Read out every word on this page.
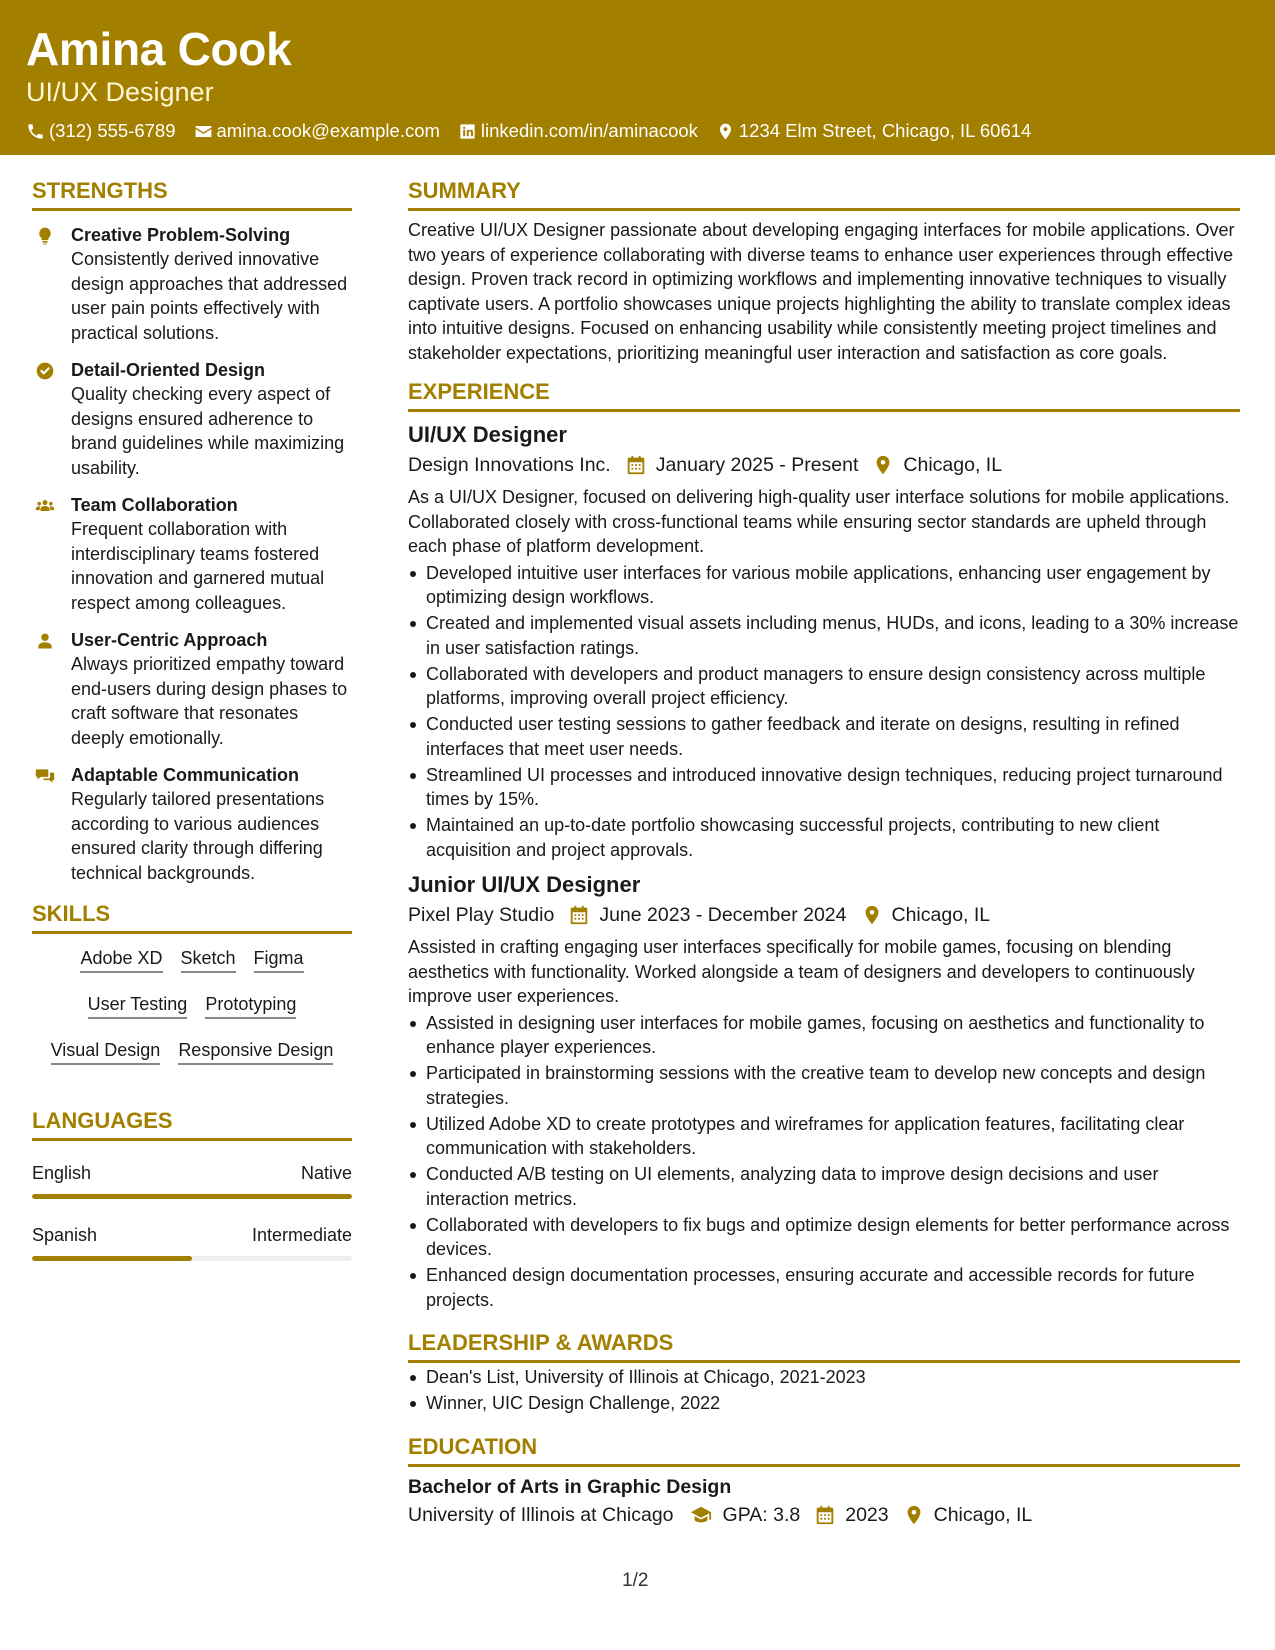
Amina Cook
UI/UX Designer
(312) 555-6789 amina.cook@example.com linkedin.com/in/aminacook 1234 Elm Street, Chicago, IL 60614
STRENGTHS
Creative Problem-Solving
Consistently derived innovative design approaches that addressed user pain points effectively with practical solutions.
Detail-Oriented Design
Quality checking every aspect of designs ensured adherence to brand guidelines while maximizing usability.
Team Collaboration
Frequent collaboration with interdisciplinary teams fostered innovation and garnered mutual respect among colleagues.
User-Centric Approach
Always prioritized empathy toward end-users during design phases to craft software that resonates deeply emotionally.
Adaptable Communication
Regularly tailored presentations according to various audiences ensured clarity through differing technical backgrounds.
SKILLS
Adobe XD Sketch Figma
User Testing Prototyping
Visual Design Responsive Design
LANGUAGES
English	Native
Spanish	Intermediate
SUMMARY
Creative UI/UX Designer passionate about developing engaging interfaces for mobile applications. Over two years of experience collaborating with diverse teams to enhance user experiences through effective design. Proven track record in optimizing workflows and implementing innovative techniques to visually captivate users. A portfolio showcases unique projects highlighting the ability to translate complex ideas into intuitive designs. Focused on enhancing usability while consistently meeting project timelines and stakeholder expectations, prioritizing meaningful user interaction and satisfaction as core goals.
EXPERIENCE
UI/UX Designer
Design Innovations Inc. January 2025 - Present Chicago, IL
As a UI/UX Designer, focused on delivering high-quality user interface solutions for mobile applications. Collaborated closely with cross-functional teams while ensuring sector standards are upheld through each phase of platform development.
Developed intuitive user interfaces for various mobile applications, enhancing user engagement by optimizing design workflows.
Created and implemented visual assets including menus, HUDs, and icons, leading to a 30% increase in user satisfaction ratings.
Collaborated with developers and product managers to ensure design consistency across multiple platforms, improving overall project efficiency.
Conducted user testing sessions to gather feedback and iterate on designs, resulting in refined interfaces that meet user needs.
Streamlined UI processes and introduced innovative design techniques, reducing project turnaround times by 15%.
Maintained an up-to-date portfolio showcasing successful projects, contributing to new client acquisition and project approvals.
Junior UI/UX Designer
Pixel Play Studio June 2023 - December 2024 Chicago, IL
Assisted in crafting engaging user interfaces specifically for mobile games, focusing on blending aesthetics with functionality. Worked alongside a team of designers and developers to continuously improve user experiences.
Assisted in designing user interfaces for mobile games, focusing on aesthetics and functionality to enhance player experiences.
Participated in brainstorming sessions with the creative team to develop new concepts and design strategies.
Utilized Adobe XD to create prototypes and wireframes for application features, facilitating clear communication with stakeholders.
Conducted A/B testing on UI elements, analyzing data to improve design decisions and user interaction metrics.
Collaborated with developers to fix bugs and optimize design elements for better performance across devices.
Enhanced design documentation processes, ensuring accurate and accessible records for future projects.
LEADERSHIP & AWARDS
Dean's List, University of Illinois at Chicago, 2021-2023
Winner, UIC Design Challenge, 2022
EDUCATION
Bachelor of Arts in Graphic Design
University of Illinois at Chicago	GPA: 3.8 2023 Chicago, IL
1/2
